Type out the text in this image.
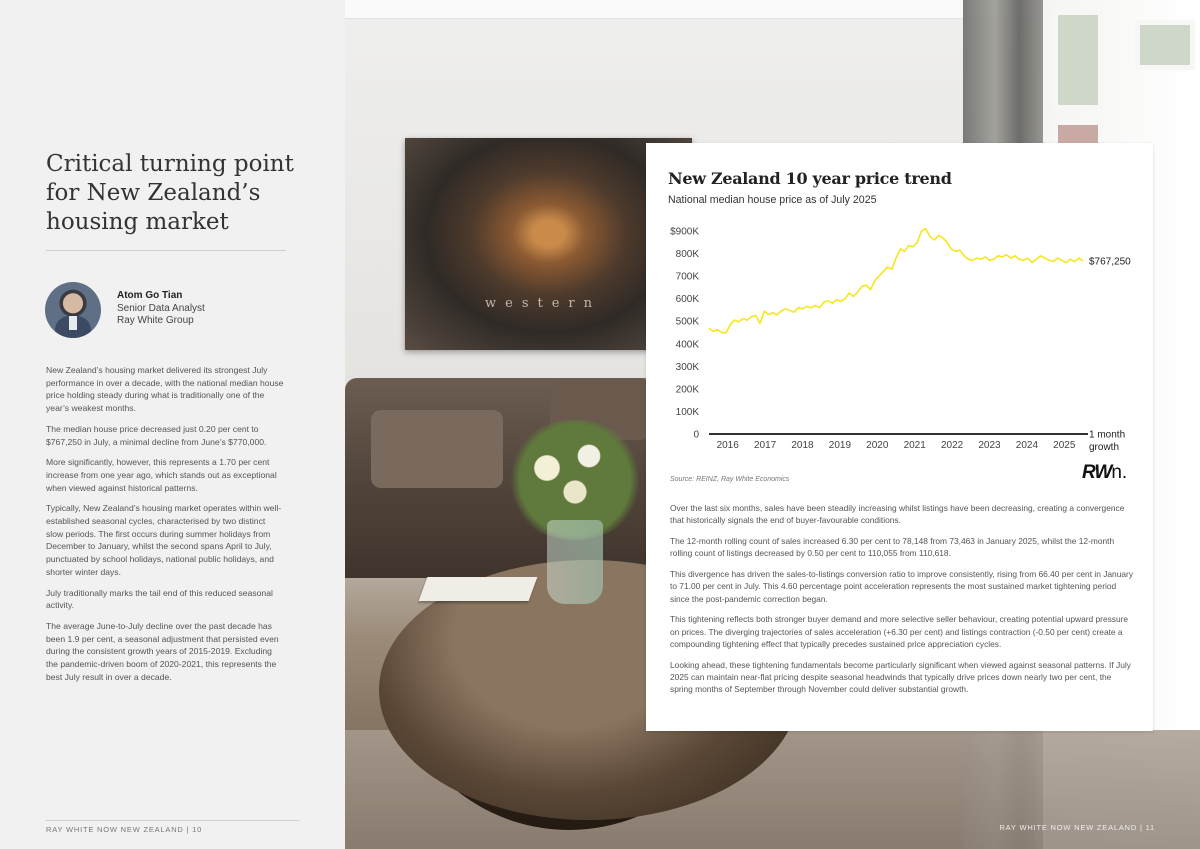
Critical turning point
for New Zealand’s
housing market
Atom Go Tian
Senior Data Analyst
Ray White Group

New Zealand’s housing market delivered its strongest July performance in over a decade, with the national median house price holding steady during what is traditionally one of the year’s weakest months.

The median house price decreased just 0.20 per cent to $767,250 in July, a minimal decline from June’s $770,000.

More significantly, however, this represents a 1.70 per cent increase from one year ago, which stands out as exceptional when viewed against historical patterns.

Typically, New Zealand’s housing market operates within well-established seasonal cycles, characterised by two distinct slow periods. The first occurs during summer holidays from December to January, whilst the second spans April to July, punctuated by school holidays, national public holidays, and shorter winter days.

July traditionally marks the tail end of this reduced seasonal activity.

The average June-to-July decline over the past decade has been 1.9 per cent, a seasonal adjustment that persisted even during the consistent growth years of 2015-2019. Excluding the pandemic-driven boom of 2020-2021, this represents the best July result in over a decade.

RAY WHITE NOW NEW ZEALAND | 10
western
RAY WHITE NOW NEW ZEALAND | 11
New Zealand 10 year price trend
National median house price as of July 2025
0
100K
200K
300K
400K
500K
600K
700K
800K
$900K
2016 2017 2018 2019 2020 2021 2022 2023 2024 2025
$767,250
1 month
growth
Source: REINZ, Ray White Economics	RWn.

Over the last six months, sales have been steadily increasing whilst listings have been decreasing, creating a convergence that historically signals the end of buyer-favourable conditions.

The 12-month rolling count of sales increased 6.30 per cent to 78,148 from 73,463 in January 2025, whilst the 12-month rolling count of listings decreased by 0.50 per cent to 110,055 from 110,618.

This divergence has driven the sales-to-listings conversion ratio to improve consistently, rising from 66.40 per cent in January to 71.00 per cent in July. This 4.60 percentage point acceleration represents the most sustained market tightening period since the post-pandemic correction began.

This tightening reflects both stronger buyer demand and more selective seller behaviour, creating potential upward pressure on prices. The diverging trajectories of sales acceleration (+6.30 per cent) and listings contraction (-0.50 per cent) create a compounding tightening effect that typically precedes sustained price appreciation cycles.

Looking ahead, these tightening fundamentals become particularly significant when viewed against seasonal patterns. If July 2025 can maintain near-flat pricing despite seasonal headwinds that typically drive prices down nearly two per cent, the spring months of September through November could deliver substantial growth.
